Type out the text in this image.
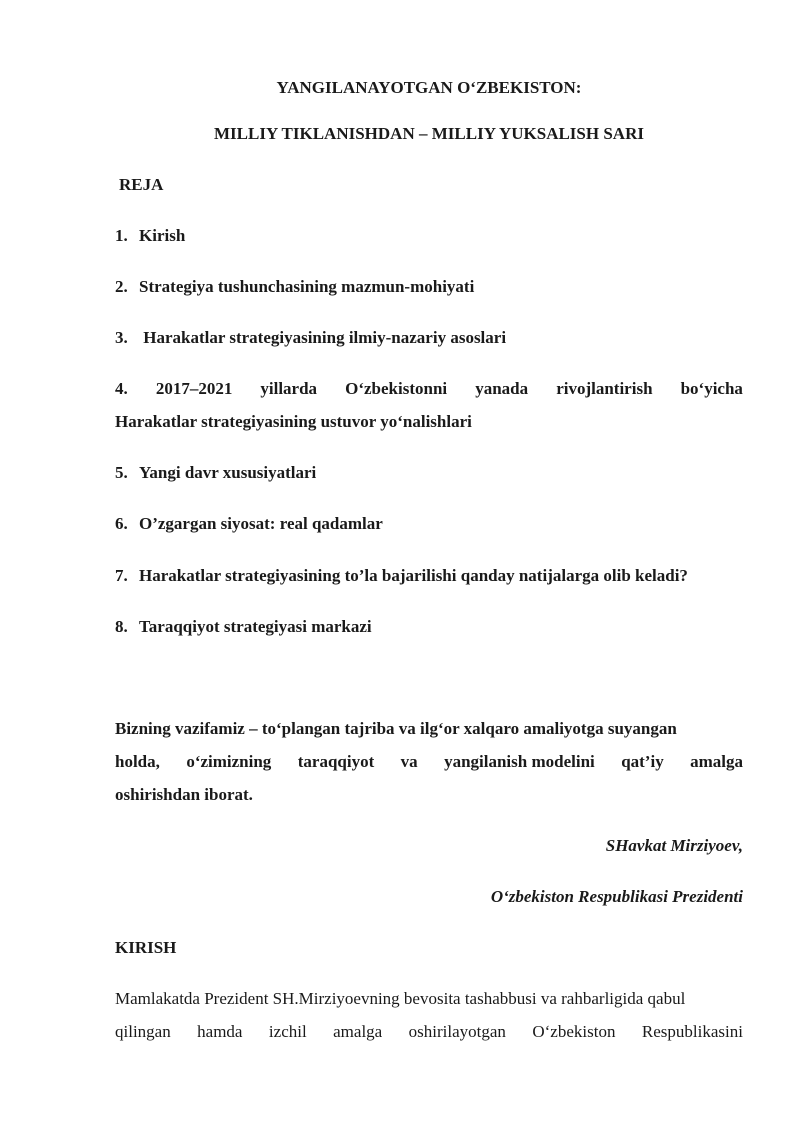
YANGILANAYOTGAN O‘ZBEKISTON:
MILLIY TIKLANISHDAN – MILLIY YUKSALISH SARI
REJA
1. Kirish
2. Strategiya tushunchasining mazmun-mohiyati
3. Harakatlar strategiyasining ilmiy-nazariy asoslari
4. 2017–2021 yillarda O‘zbekistonni yanada rivojlantirish bo‘yicha
Harakatlar strategiyasining ustuvor yo‘nalishlari
5. Yangi davr xususiyatlari
6. O’zgargan siyosat: real qadamlar
7. Harakatlar strategiyasining to’la bajarilishi qanday natijalarga olib keladi?
8. Taraqqiyot strategiyasi markazi
Bizning vazifamiz – to‘plangan tajriba va ilg‘or xalqaro amaliyotga suyangan
holda, o‘zimizning taraqqiyot va yangilanish modelini qat’iy amalga
oshirishdan iborat.
SHavkat Mirziyoev,
O‘zbekiston Respublikasi Prezidenti
KIRISH
Mamlakatda Prezident SH.Mirziyoevning bevosita tashabbusi va rahbarligida qabul
qilingan hamda izchil amalga oshirilayotgan O‘zbekiston Respublikasini
